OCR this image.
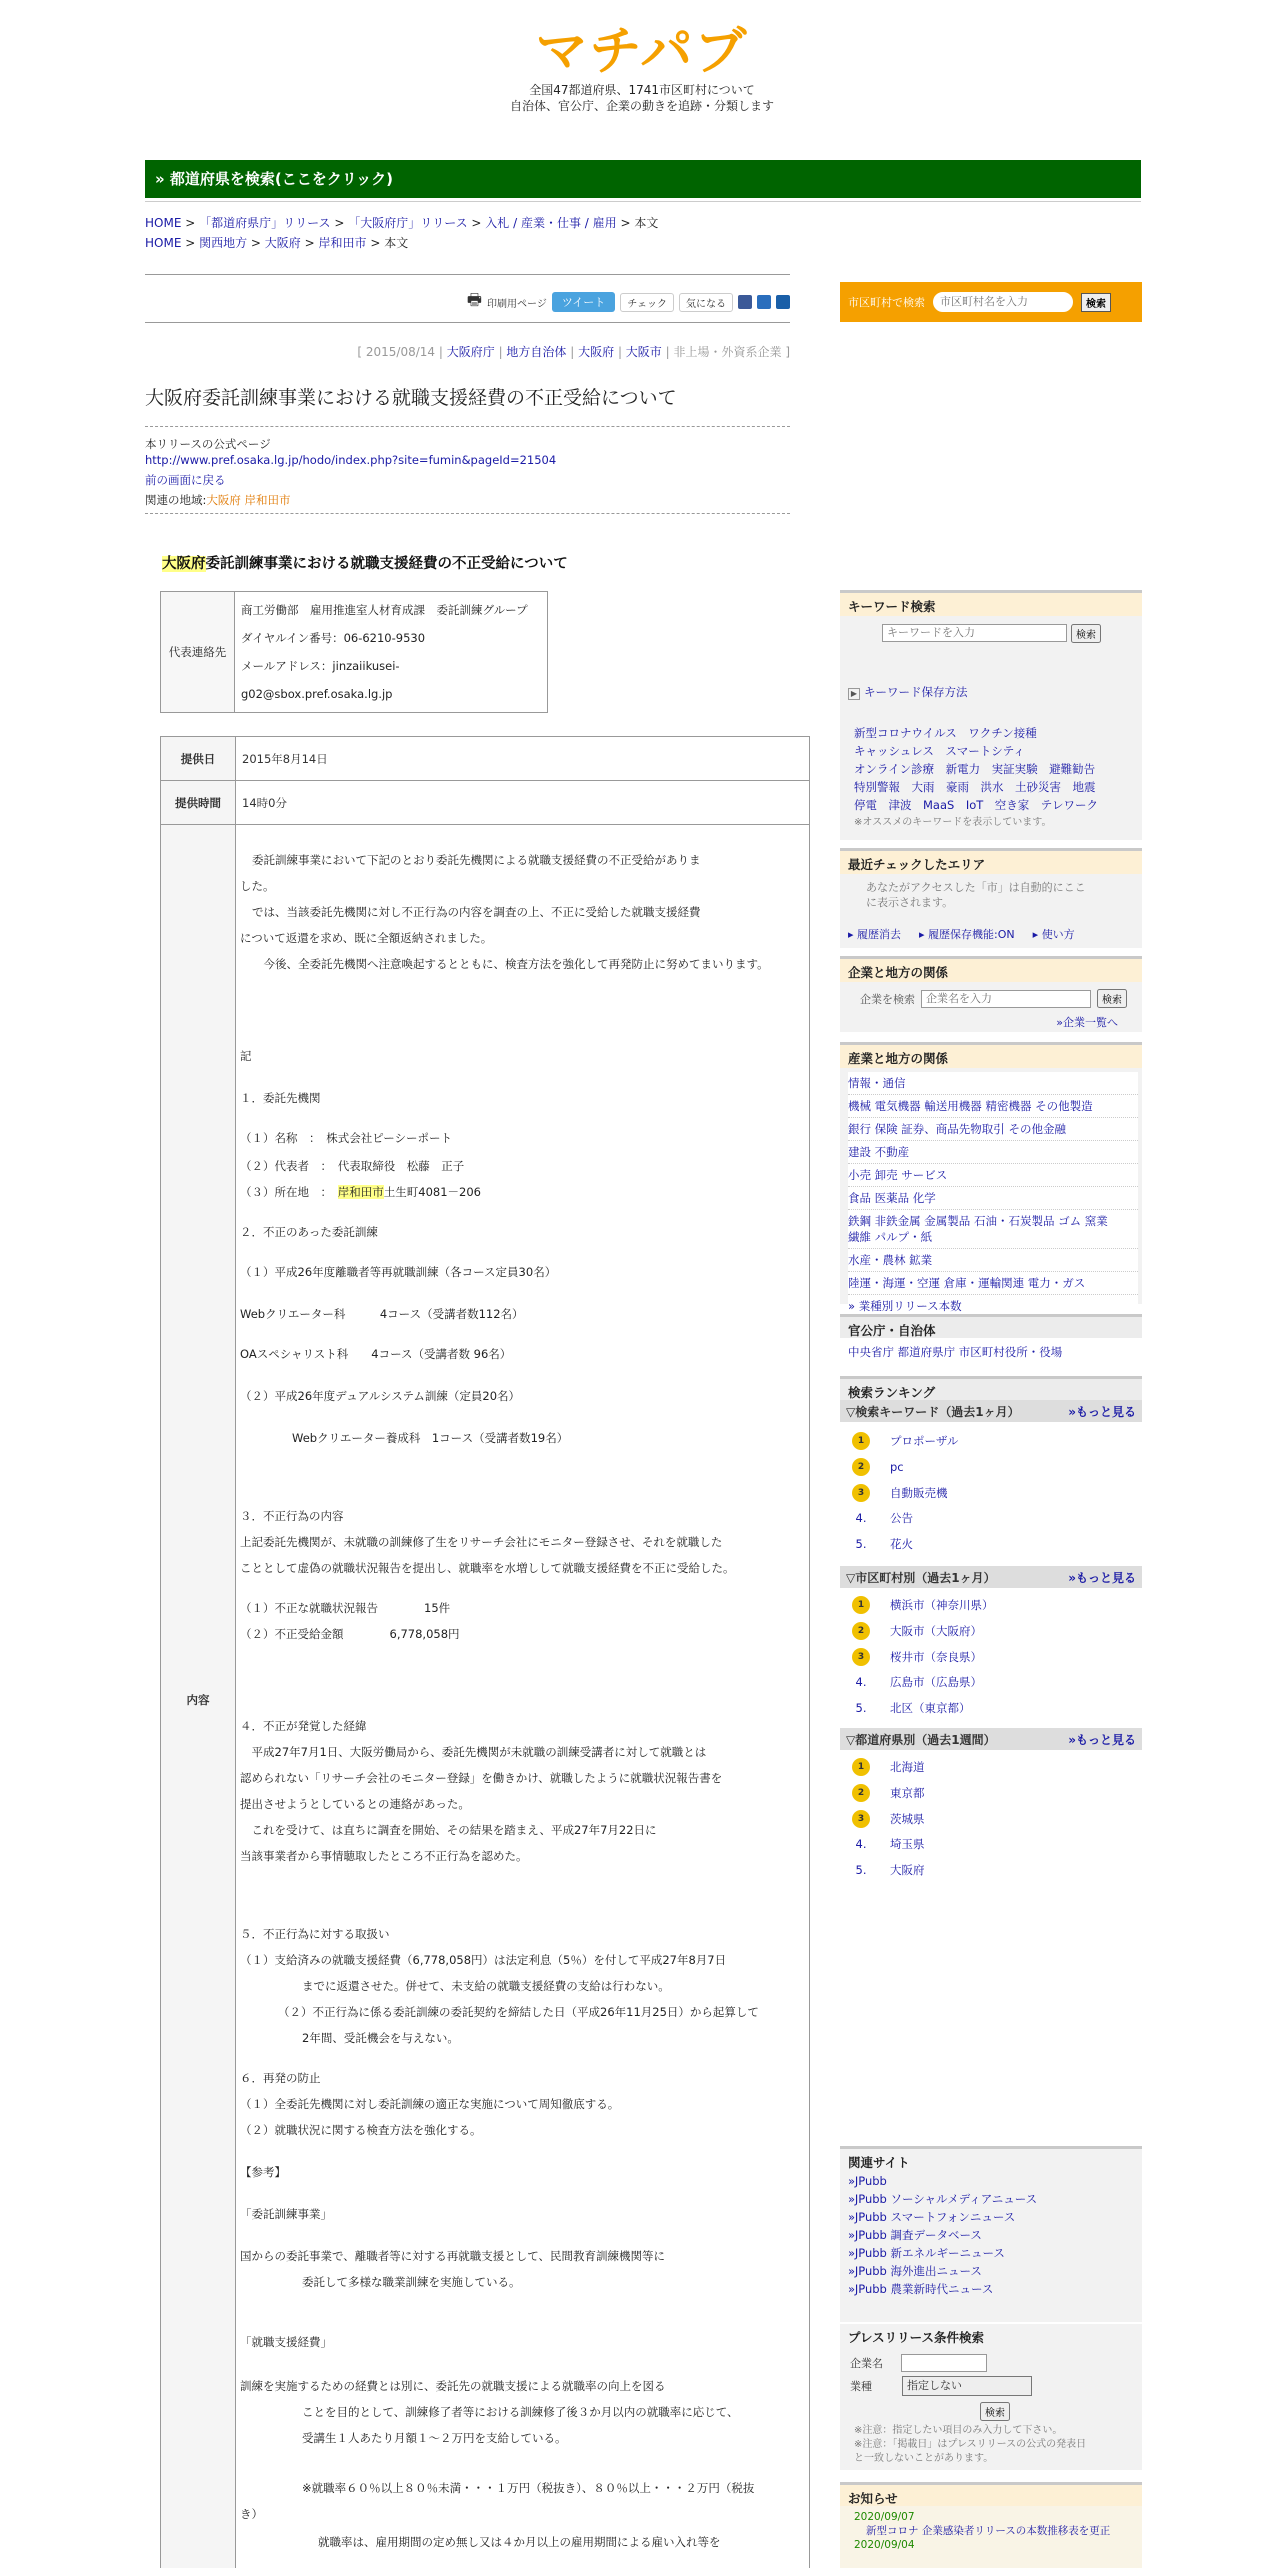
マチパブ
全国47都道府県、1741市区町村について
自治体、官公庁、企業の動きを追跡・分類します
» 都道府県を検索(ここをクリック)
HOME > 「都道府県庁」リリース > 「大阪府庁」リリース > 入札 / 産業・仕事 / 雇用 > 本文
HOME > 関西地方 > 大阪府 > 岸和田市 > 本文
🖶 印刷用ページ	ツイート	チェック	気になる
[ 2015/08/14 | 大阪府庁 | 地方自治体 | 大阪府 | 大阪市 | 非上場・外資系企業 ]
大阪府委託訓練事業における就職支援経費の不正受給について
本リリースの公式ページ
http://www.pref.osaka.lg.jp/hodo/index.php?site=fumin&pageId=21504
前の画面に戻る
関連の地域:大阪府 岸和田市
大阪府委託訓練事業における就職支援経費の不正受給について
代表連絡先	
商工労働部　雇用推進室人材育成課　委託訓練グループ
ダイヤルイン番号：06-6210-9530
メールアドレス：jinzaiikusei-g02@sbox.pref.osaka.lg.jp
提供日	2015年8月14日
提供時間	14時0分
内容
委託訓練事業において下記のとおり委託先機関による就職支援経費の不正受給がありま
した。
では、当該委託先機関に対し不正行為の内容を調査の上、不正に受給した就職支援経費
について返還を求め、既に全額返納されました。
　今後、全委託先機関へ注意喚起するとともに、検査方法を強化して再発防止に努めてまいります。
記
１．委託先機関
（１）名称　：　株式会社ピーシーポート
（２）代表者　：　代表取締役　松藤　正子
（３）所在地　：　岸和田市土生町4081－206
２．不正のあった委託訓練
（１）平成26年度離職者等再就職訓練（各コース定員30名）
Webクリエーター科　　　4コース（受講者数112名）
OAスペシャリスト科　　4コース（受講者数 96名）
（２）平成26年度デュアルシステム訓練（定員20名）
Webクリエーター養成科　1コース（受講者数19名）
３．不正行為の内容
上記委託先機関が、未就職の訓練修了生をリサーチ会社にモニター登録させ、それを就職した
こととして虚偽の就職状況報告を提出し、就職率を水増しして就職支援経費を不正に受給した。
（１）不正な就職状況報告　　　　15件
（２）不正受給金額　　　　6,778,058円
４．不正が発覚した経緯
　平成27年7月1日、大阪労働局から、委託先機関が未就職の訓練受講者に対して就職とは
認められない「リサーチ会社のモニター登録」を働きかけ、就職したように就職状況報告書を
提出させようとしているとの連絡があった。
　これを受けて、は直ちに調査を開始、その結果を踏まえ、平成27年7月22日に
当該事業者から事情聴取したところ不正行為を認めた。
５．不正行為に対する取扱い
（１）支給済みの就職支援経費（6,778,058円）は法定利息（5％）を付して平成27年8月7日
までに返還させた。併せて、未支給の就職支援経費の支給は行わない。
（２）不正行為に係る委託訓練の委託契約を締結した日（平成26年11月25日）から起算して
2年間、受託機会を与えない。
６．再発の防止
（１）全委託先機関に対し委託訓練の適正な実施について周知徹底する。
（２）就職状況に関する検査方法を強化する。
【参考】
「委託訓練事業」
国からの委託事業で、離職者等に対する再就職支援として、民間教育訓練機関等に
委託して多様な職業訓練を実施している。
「就職支援経費」
訓練を実施するための経費とは別に、委託先の就職支援による就職率の向上を図る
ことを目的として、訓練修了者等における訓練修了後３か月以内の就職率に応じて、
受講生１人あたり月額１～２万円を支給している。
※就職率６０％以上８０％未満・・・１万円（税抜き）、８０％以上・・・２万円（税抜
き）
就職率は、雇用期間の定め無し又は４か月以上の雇用期間による雇い入れ等を
市区町村で検索
市区町村名を入力	検索
キーワード検索
キーワードを入力
検索
▶ キーワード保存方法
新型コロナウイルス　ワクチン接種
キャッシュレス　スマートシティ
オンライン診療　新電力　実証実験　避難勧告
特別警報　大雨　豪雨　洪水　土砂災害　地震
停電　津波　MaaS　IoT　空き家　テレワーク
※オススメのキーワードを表示しています。
最近チェックしたエリア
あなたがアクセスした「市」は自動的にここ
に表示されます。
▸ 履歴消去 ▸ 履歴保存機能:ON ▸ 使い方
企業と地方の関係
企業を検索
企業名を入力	検索
»企業一覧へ
産業と地方の関係
情報・通信
機械 電気機器 輸送用機器 精密機器 その他製造
銀行 保険 証券、商品先物取引 その他金融
建設 不動産
小売 卸売 サービス
食品 医薬品 化学
鉄鋼 非鉄金属 金属製品 石油・石炭製品 ゴム 窯業
繊維 パルプ・紙
水産・農林 鉱業
陸運・海運・空運 倉庫・運輸関連 電力・ガス
» 業種別リリース本数
官公庁・自治体
中央省庁 都道府県庁 市区町村役所・役場
検索ランキング
▽検索キーワード（過去1ヶ月）	»もっと見る
1	プロポーザル
2	pc
3	自動販売機
4.	公告
5.	花火
▽市区町村別（過去1ヶ月）	»もっと見る
1	横浜市（神奈川県）
2	大阪市（大阪府）
3	桜井市（奈良県）
4.	広島市（広島県）
5.	北区（東京都）
▽都道府県別（過去1週間）	»もっと見る
1	北海道
2	東京都
3	茨城県
4.	埼玉県
5.	大阪府
関連サイト
»JPubb
»JPubb ソーシャルメディアニュース
»JPubb スマートフォンニュース
»JPubb 調査データベース
»JPubb 新エネルギーニュース
»JPubb 海外進出ニュース
»JPubb 農業新時代ニュース
プレスリリース条件検索
企業名
業種	指定しない
検索
※注意：指定したい項目のみ入力して下さい。
※注意：「掲載日」はプレスリリースの公式の発表日
と一致しないことがあります。
お知らせ
2020/09/07
新型コロナ 企業感染者リリースの本数推移表を更正
2020/09/04
